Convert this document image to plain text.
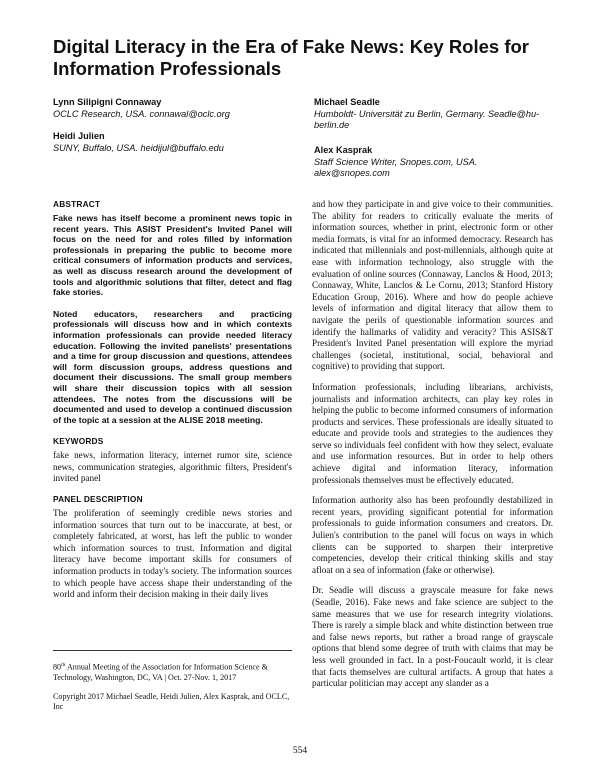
Digital Literacy in the Era of Fake News: Key Roles for Information Professionals
Lynn Silipigni Connaway
OCLC Research, USA. connawal@oclc.org
Heidi Julien
SUNY, Buffalo, USA. heidijul@buffalo.edu
Michael Seadle
Humboldt- Universität zu Berlin, Germany. Seadle@hu-berlin.de
Alex Kasprak
Staff Science Writer, Snopes.com, USA. alex@snopes.com
ABSTRACT

Fake news has itself become a prominent news topic in recent years. This ASIST President's Invited Panel will focus on the need for and roles filled by information professionals in preparing the public to become more critical consumers of information products and services, as well as discuss research around the development of tools and algorithmic solutions that filter, detect and flag fake stories.

Noted educators, researchers and practicing professionals will discuss how and in which contexts information professionals can provide needed literacy education. Following the invited panelists' presentations and a time for group discussion and questions, attendees will form discussion groups, address questions and document their discussions. The small group members will share their discussion topics with all session attendees. The notes from the discussions will be documented and used to develop a continued discussion of the topic at a session at the ALISE 2018 meeting.

KEYWORDS

fake news, information literacy, internet rumor site, science news, communication strategies, algorithmic filters, President's invited panel

PANEL DESCRIPTION

The proliferation of seemingly credible news stories and information sources that turn out to be inaccurate, at best, or completely fabricated, at worst, has left the public to wonder which information sources to trust. Information and digital literacy have become important skills for consumers of information products in today's society. The information sources to which people have access shape their understanding of the world and inform their decision making in their daily lives

and how they participate in and give voice to their communities. The ability for readers to critically evaluate the merits of information sources, whether in print, electronic form or other media formats, is vital for an informed democracy. Research has indicated that millennials and post-millennials, although quite at ease with information technology, also struggle with the evaluation of online sources (Connaway, Lanclos & Hood, 2013; Connaway, White, Lanclos & Le Cornu, 2013; Stanford History Education Group, 2016). Where and how do people achieve levels of information and digital literacy that allow them to navigate the perils of questionable information sources and identify the hallmarks of validity and veracity? This ASIS&T President's Invited Panel presentation will explore the myriad challenges (societal, institutional, social, behavioral and cognitive) to providing that support.

Information professionals, including librarians, archivists, journalists and information architects, can play key roles in helping the public to become informed consumers of information products and services. These professionals are ideally situated to educate and provide tools and strategies to the audiences they serve so individuals feel confident with how they select, evaluate and use information resources. But in order to help others achieve digital and information literacy, information professionals themselves must be effectively educated.

Information authority also has been profoundly destabilized in recent years, providing significant potential for information professionals to guide information consumers and creators. Dr. Julien's contribution to the panel will focus on ways in which clients can be supported to sharpen their interpretive competencies, develop their critical thinking skills and stay afloat on a sea of information (fake or otherwise).

Dr. Seadle will discuss a grayscale measure for fake news (Seadle, 2016). Fake news and fake science are subject to the same measures that we use for research integrity violations. There is rarely a simple black and white distinction between true and false news reports, but rather a broad range of grayscale options that blend some degree of truth with claims that may be less well grounded in fact. In a post-Foucault world, it is clear that facts themselves are cultural artifacts. A group that hates a particular politician may accept any slander as a

80th Annual Meeting of the Association for Information Science & Technology, Washington, DC, VA | Oct. 27-Nov. 1, 2017

Copyright 2017 Michael Seadle, Heidi Julien, Alex Kasprak, and OCLC, Inc

554
